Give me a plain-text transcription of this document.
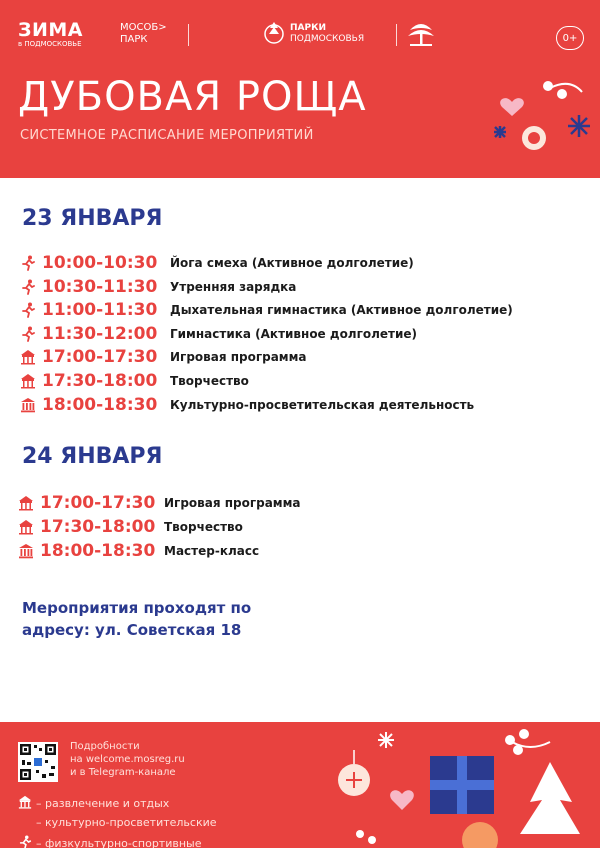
ЗИМА
в ПОДМОСКОВЬЕ
МОСОБ>
ПАРК
ПАРКИ
ПОДМОСКОВЬЯ	0+
ДУБОВАЯ РОЩА
СИСТЕМНОЕ РАСПИСАНИЕ МЕРОПРИЯТИЙ
23 ЯНВАРЯ
10:00-10:30 Йога смеха (Активное долголетие)
10:30-11:30 Утренняя зарядка
11:00-11:30 Дыхательная гимнастика (Активное долголетие)
11:30-12:00 Гимнастика (Активное долголетие)
17:00-17:30 Игровая программа
17:30-18:00 Творчество
18:00-18:30 Культурно-просветительская деятельность
24 ЯНВАРЯ
17:00-17:30 Игровая программа
17:30-18:00 Творчество
18:00-18:30 Мастер-класс
Мероприятия проходят по
адресу: ул. Советская 18
Подробности
на welcome.mosreg.ru
и в Telegram-канале
– развлечение и отдых
– культурно-просветительские
– физкультурно-спортивные
